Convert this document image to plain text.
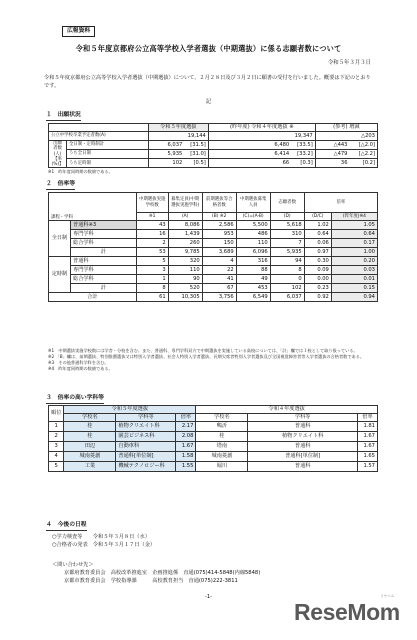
広報資料
令和５年度京都府公立高等学校入学者選抜（中期選抜）に係る志願者数について
令和５年３月３日
令和５年度京都府公立高等学校入学者選抜（中期選抜）について、２月２８日及び３月２日に願書の受付を行いました。概要は下記のとおりです。
記
１　出願状況
		令和５年度選抜		(昨年度) 令和４年度選抜 ※		(参考) 増減	
公立中学校卒業予定者数(A)		19,144		19,347		△203	
出願者数(人)【率(%)】	全日制・定時制計	6,037	[31.5]	6,480	[33.5]	△443	[△2.0]
	うち全日制	5,935	[31.0]	6,414	[33.2]	△479	[△2.2]
	うち定時制	102	[0.5]	66	[0.3]	36	[0.2]
※1　昨年度同時期の数値である。
２　倍率等
課程・学科		中期選抜実施学校数	募集定員(中期選抜実施学科)	前期選抜等合格者数	中期選抜募集人員	志願者数	倍率	
		※1	(A)	(B) ※2	(C)=(A-B)	(D)	(D/C)	(昨年度)※4
全日制	普通科※3	43	8,086	2,586	5,500	5,618	1.02	1.05
	専門学科	16	1,439	953	486	310	0.64	0.64
	総合学科	2	260	150	110	7	0.06	0.17
	計	53	9,785	3,689	6,096	5,935	0.97	1.00
定時制	普通科	5	320	4	316	94	0.30	0.20
	専門学科	3	110	22	88	8	0.09	0.03
	総合学科	1	90	41	49	0	0.00	0.01
	計	8	520	67	453	102	0.23	0.15
合計		61	10,305	3,756	6,549	6,037	0.92	0.94
※1　中期選抜実施学校数には学舎・分校を含む。また、普通科、専門学科双方で中期選抜を実施している高校については、「計」欄では１校として取り扱っている。
※2 「B」欄は、前期選抜、特別推薦選抜又は特別入学者選抜、社会人特別入学者選抜、長期欠席者特別入学者選抜及び全国視覚障害者等入学者選抜の合格者数である。
※3　その他普通科学科を含む。
※4　昨年度同時期の数値である。
３　倍率の高い学科等
順位	令和５年度選抜			令和４年度選抜		
	学校名	学科等	倍率	学校名	学科等	倍率
1	桂	植物クリエイト科	2.17	鴨沂	普通科	1.81
2	桂	園芸ビジネス科	2.08	桂	植物クリエイト科	1.67
3	田辺	自動車科	1.67	塔南	普通科	1.67
4	城南菱創	普通科[単位制]	1.58	城南菱創	普通科[単位制]	1.65
5	工業	機械テクノロジー科	1.55	堀川	普通科	1.57
４　今後の日程
○学力検査等　　令和５年３月８日（水）
○合格者の発表　令和５年３月１７日（金）
＜問い合わせ先＞
京都府教育委員会　高校改革推進室　企画推進係　直通(075)414-5848(内線5848)
京都市教育委員会　学校指導課　　　高校教育担当　直通(075)222-3811
-1-
ReseMom
リセマム
